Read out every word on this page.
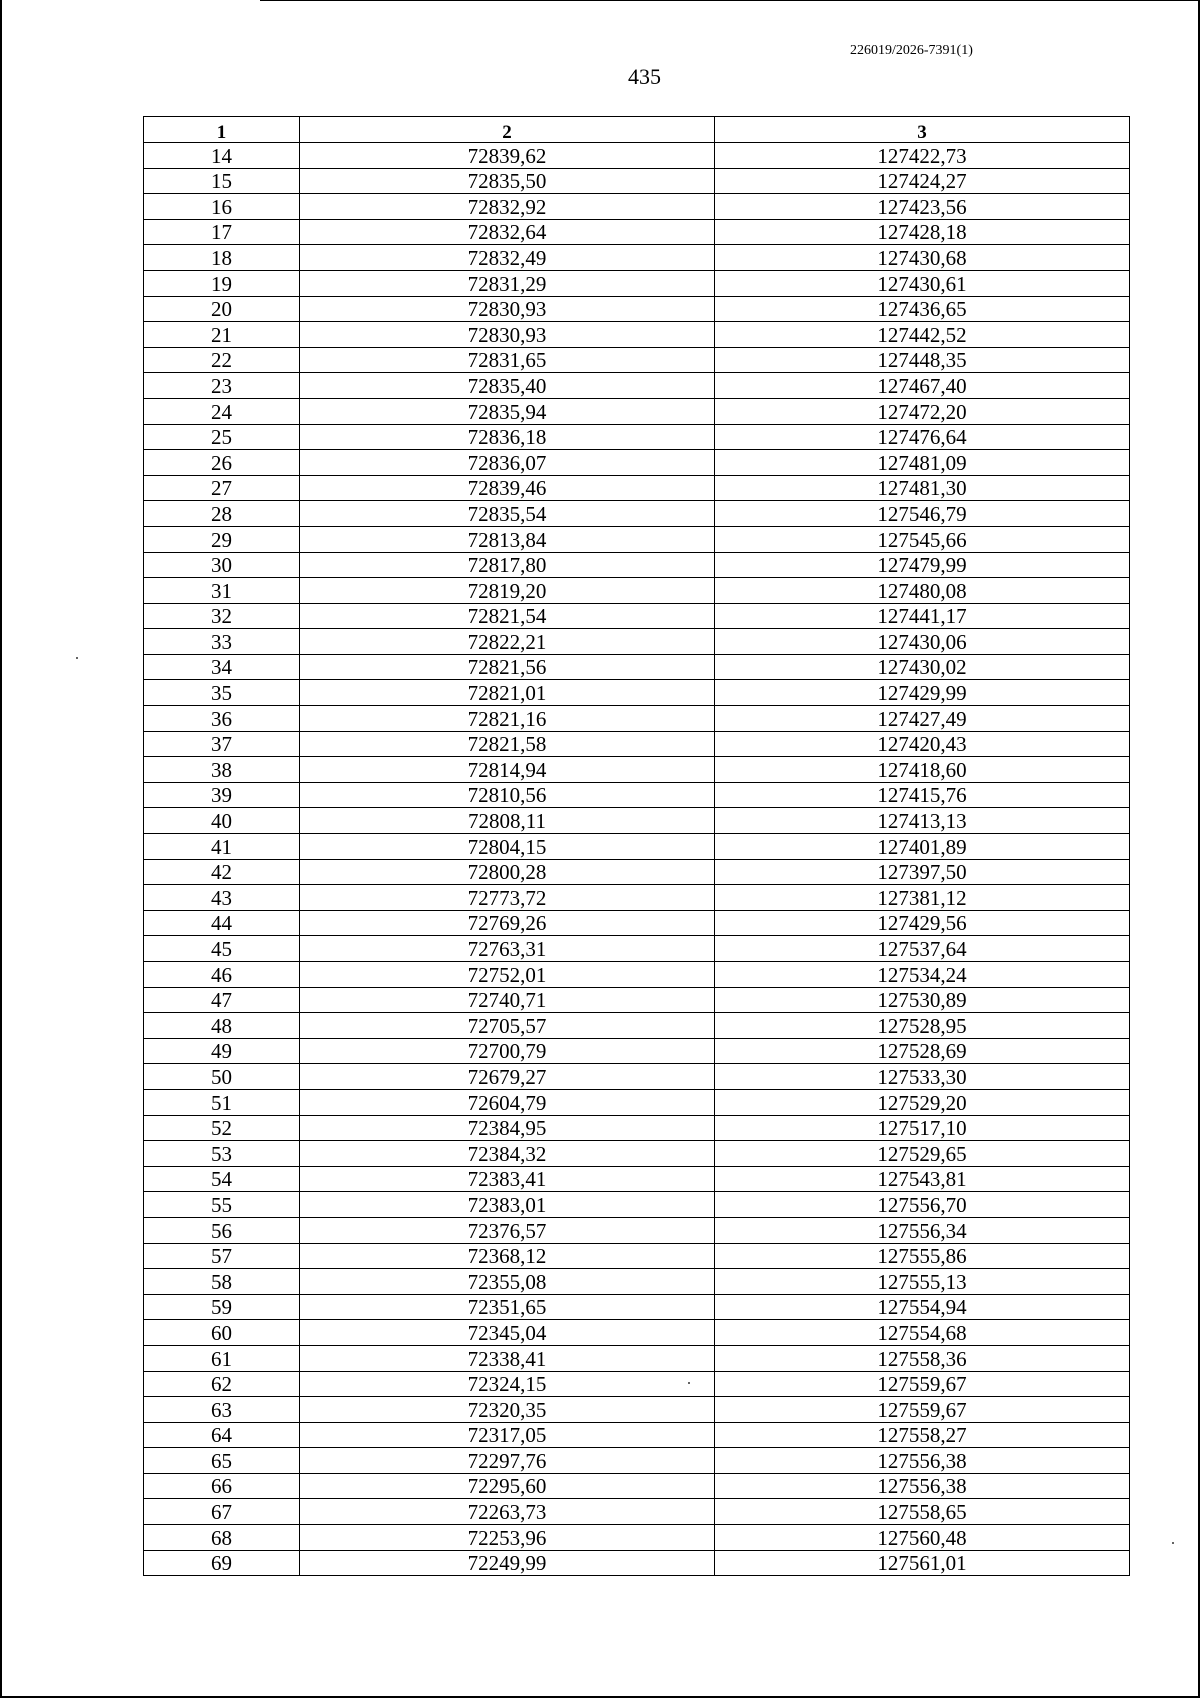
226019/2026-7391(1)
435
1	2	3
14	72839,62	127422,73
15	72835,50	127424,27
16	72832,92	127423,56
17	72832,64	127428,18
18	72832,49	127430,68
19	72831,29	127430,61
20	72830,93	127436,65
21	72830,93	127442,52
22	72831,65	127448,35
23	72835,40	127467,40
24	72835,94	127472,20
25	72836,18	127476,64
26	72836,07	127481,09
27	72839,46	127481,30
28	72835,54	127546,79
29	72813,84	127545,66
30	72817,80	127479,99
31	72819,20	127480,08
32	72821,54	127441,17
33	72822,21	127430,06
34	72821,56	127430,02
35	72821,01	127429,99
36	72821,16	127427,49
37	72821,58	127420,43
38	72814,94	127418,60
39	72810,56	127415,76
40	72808,11	127413,13
41	72804,15	127401,89
42	72800,28	127397,50
43	72773,72	127381,12
44	72769,26	127429,56
45	72763,31	127537,64
46	72752,01	127534,24
47	72740,71	127530,89
48	72705,57	127528,95
49	72700,79	127528,69
50	72679,27	127533,30
51	72604,79	127529,20
52	72384,95	127517,10
53	72384,32	127529,65
54	72383,41	127543,81
55	72383,01	127556,70
56	72376,57	127556,34
57	72368,12	127555,86
58	72355,08	127555,13
59	72351,65	127554,94
60	72345,04	127554,68
61	72338,41	127558,36
62	72324,15	127559,67
63	72320,35	127559,67
64	72317,05	127558,27
65	72297,76	127556,38
66	72295,60	127556,38
67	72263,73	127558,65
68	72253,96	127560,48
69	72249,99	127561,01
